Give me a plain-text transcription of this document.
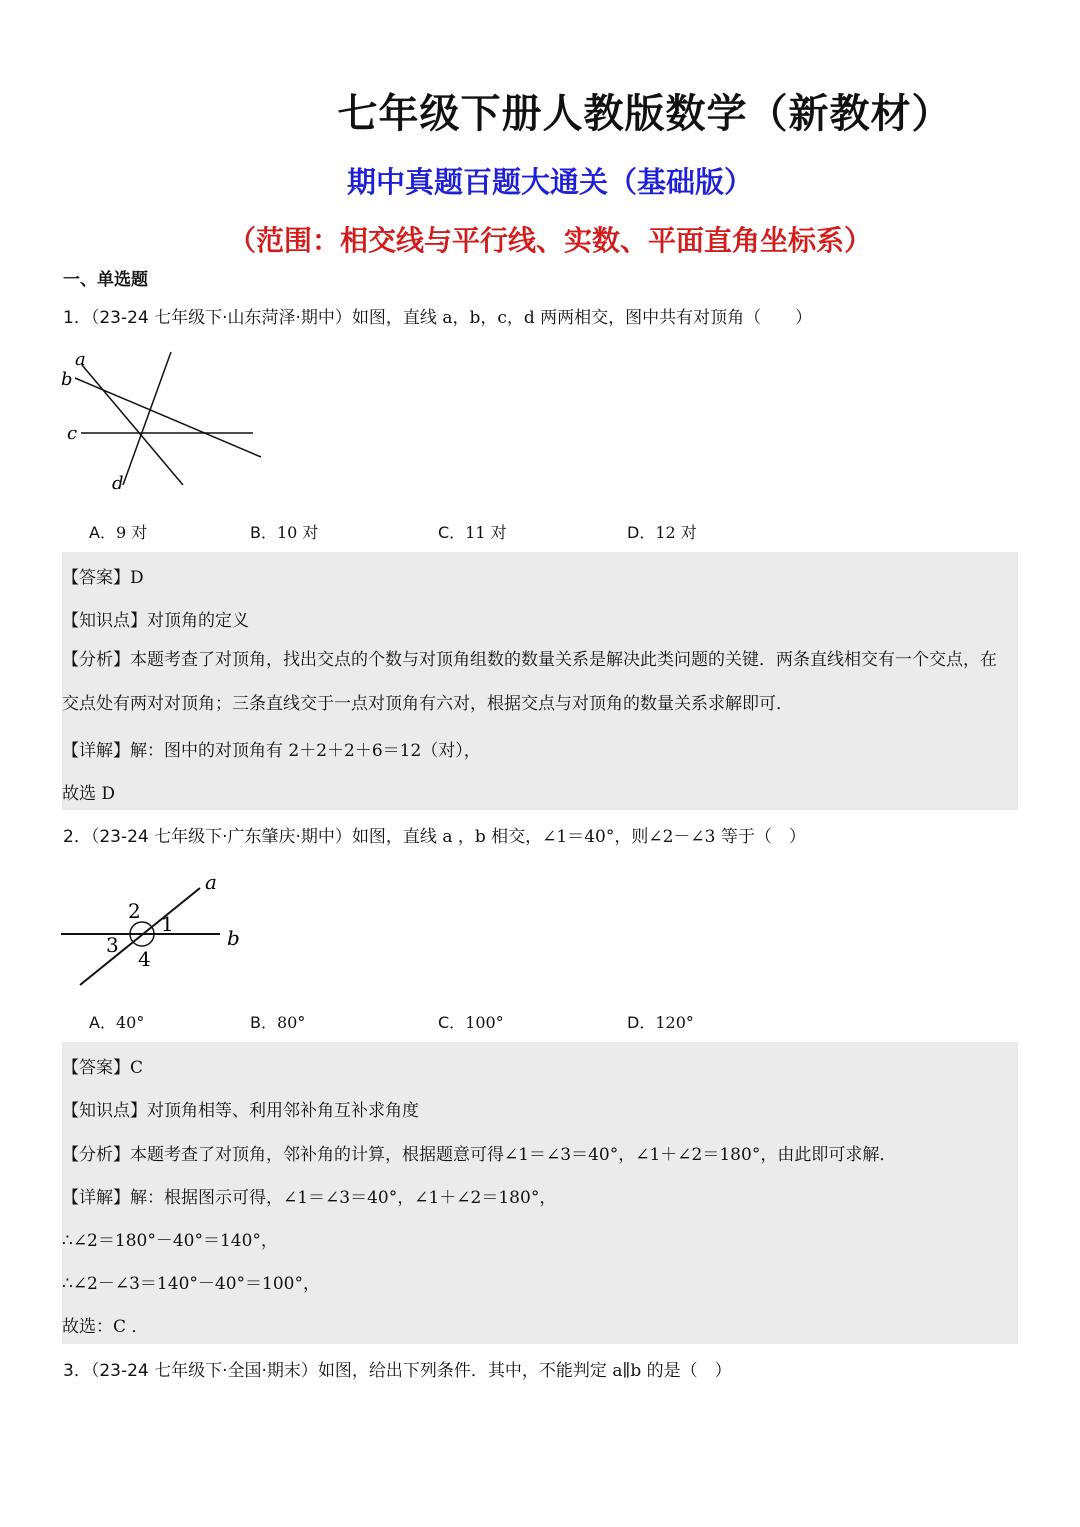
七年级下册人教版数学（新教材）
期中真题百题大通关（基础版）
（范围：相交线与平行线、实数、平面直角坐标系）
一、单选题
1．（23-24 七年级下·山东菏泽·期中）如图，直线 a，b，c，d 两两相交，图中共有对顶角（　　）
a
b
c
d
A．9 对	B．10 对	C．11 对	D．12 对
【答案】D
【知识点】对顶角的定义
【分析】本题考查了对顶角，找出交点的个数与对顶角组数的数量关系是解决此类问题的关键．两条直线相交有一个交点，在交点处有两对对顶角；三条直线交于一点对顶角有六对，根据交点与对顶角的数量关系求解即可．
【详解】解：图中的对顶角有 2＋2＋2＋6＝12（对），
故选 D
2．（23-24 七年级下·广东肇庆·期中）如图，直线 a ，b 相交，∠1＝40°，则∠2－∠3 等于（　）
a
b
1
2
3
4
A．40°	B．80°	C．100°	D．120°
【答案】C
【知识点】对顶角相等、利用邻补角互补求角度
【分析】本题考查了对顶角，邻补角的计算，根据题意可得∠1＝∠3＝40°，∠1＋∠2＝180°，由此即可求解．
【详解】解：根据图示可得，∠1＝∠3＝40°，∠1＋∠2＝180°，
∴∠2＝180°－40°＝140°，
∴∠2－∠3＝140°－40°＝100°，
故选：C ．
3．（23-24 七年级下·全国·期末）如图，给出下列条件．其中，不能判定 a∥b 的是（　）
